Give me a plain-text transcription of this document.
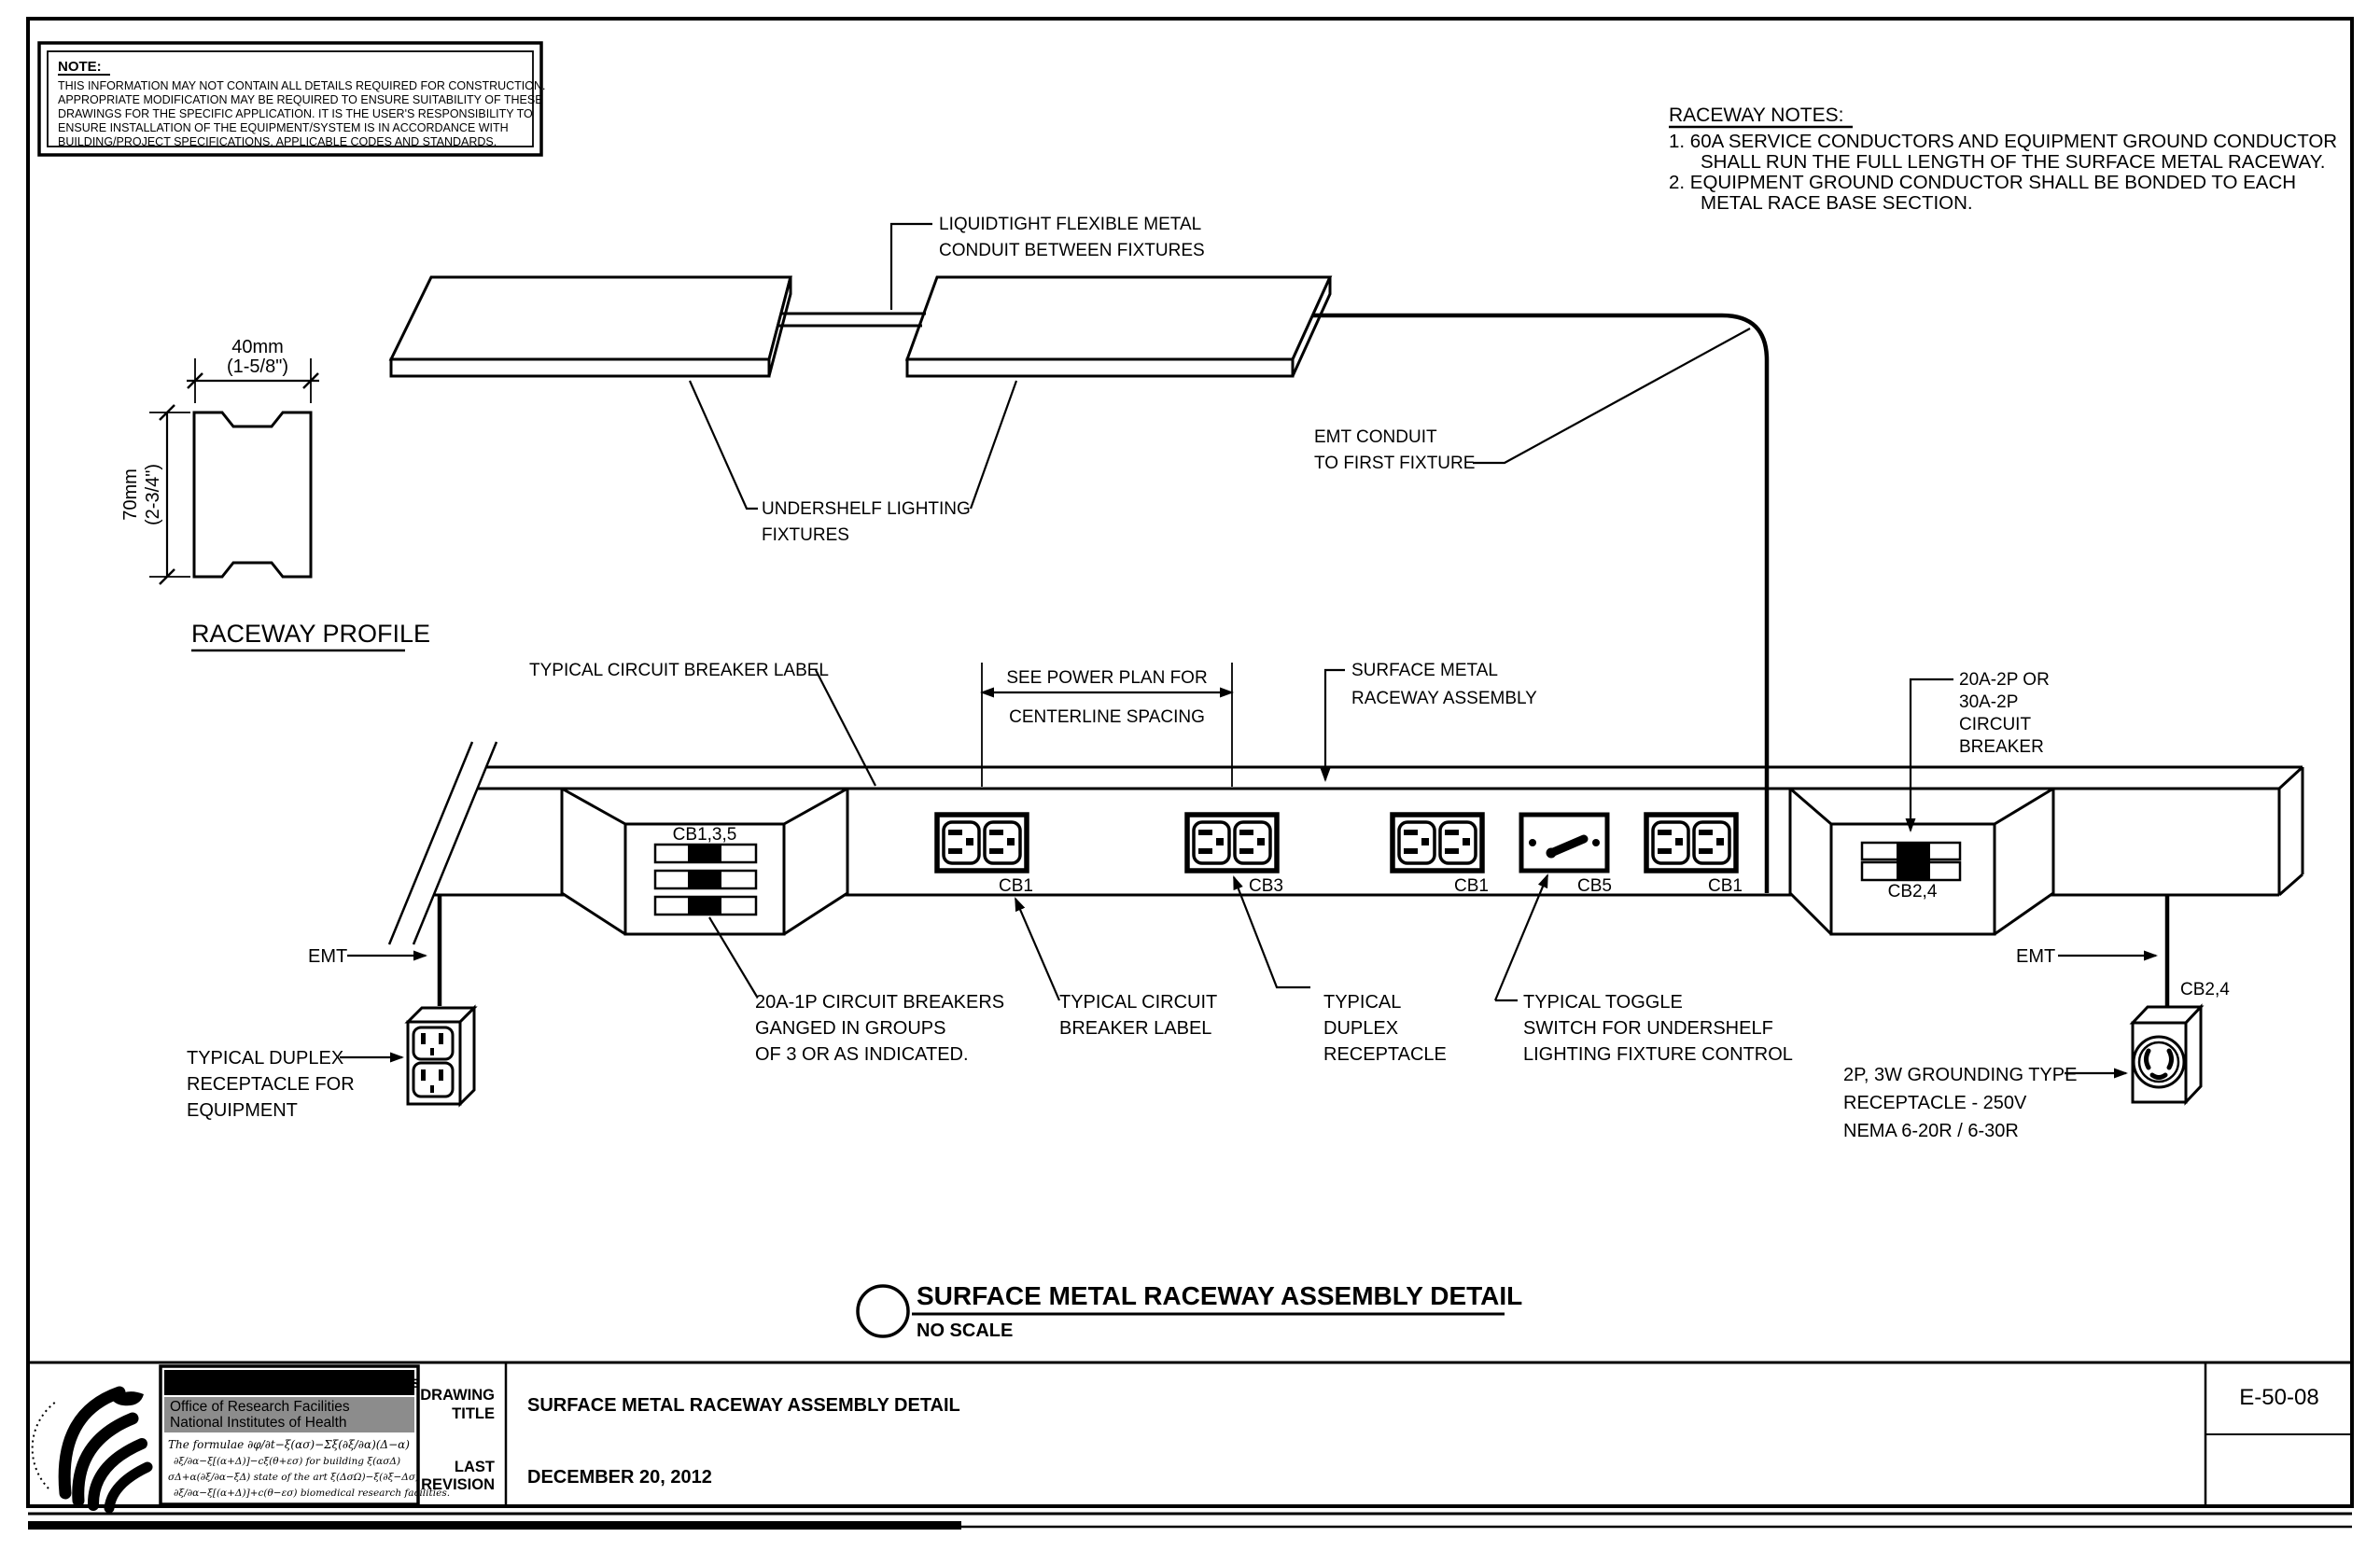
NOTE:
THIS INFORMATION MAY NOT CONTAIN ALL DETAILS REQUIRED FOR CONSTRUCTION.
APPROPRIATE MODIFICATION MAY BE REQUIRED TO ENSURE SUITABILITY OF THESE
DRAWINGS FOR THE SPECIFIC APPLICATION. IT IS THE USER'S RESPONSIBILITY TO
ENSURE INSTALLATION OF THE EQUIPMENT/SYSTEM IS IN ACCORDANCE WITH
BUILDING/PROJECT SPECIFICATIONS, APPLICABLE CODES AND STANDARDS.
RACEWAY NOTES:
1. 60A SERVICE CONDUCTORS AND EQUIPMENT GROUND CONDUCTOR
SHALL RUN THE FULL LENGTH OF THE SURFACE METAL RACEWAY.
2. EQUIPMENT GROUND CONDUCTOR SHALL BE BONDED TO EACH
METAL RACE BASE SECTION.
40mm
(1-5/8")
70mm (2-3/4")
RACEWAY PROFILE
LIQUIDTIGHT FLEXIBLE METAL
CONDUIT BETWEEN FIXTURES
UNDERSHELF LIGHTING
FIXTURES
EMT CONDUIT
TO FIRST FIXTURE
CB1,3,5
CB2,4
CB1	CB3	CB1	CB5	CB1
TYPICAL CIRCUIT BREAKER LABEL	SEE POWER PLAN FOR
CENTERLINE SPACING
SURFACE METAL
RACEWAY ASSEMBLY
20A-2P OR
30A-2P
CIRCUIT
BREAKER
20A-1P CIRCUIT BREAKERS
GANGED IN GROUPS
OF 3 OR AS INDICATED.
TYPICAL CIRCUIT
BREAKER LABEL
TYPICAL
DUPLEX
RECEPTACLE
TYPICAL TOGGLE
SWITCH FOR UNDERSHELF
LIGHTING FIXTURE CONTROL
EMT
TYPICAL DUPLEX
RECEPTACLE FOR
EQUIPMENT
EMT
CB2,4
2P, 3W GROUNDING TYPE
RECEPTACLE - 250V
NEMA 6-20R / 6-30R
SURFACE METAL RACEWAY ASSEMBLY DETAIL
NO SCALE
Division of Technical Resources
Office of Research Facilities
National Institutes of Health
The formulae ∂φ/∂t−ξ(ασ)−Σξ(∂ξ/∂α)(Δ−α)
∂ξ/∂α−ξ[(α+Δ)]−cξ(θ+εσ) for building ξ(ασΔ)
σΔ+α(∂ξ/∂α−ξΔ) state of the art ξ(ΔσΩ)−ξ(∂ξ−Δσ)
∂ξ/∂α−ξ[(α+Δ)]+c(θ−εσ) biomedical research facilities.
DRAWING
TITLE SURFACE METAL RACEWAY ASSEMBLY DETAIL
LAST
REVISION DECEMBER 20, 2012
E-50-08
